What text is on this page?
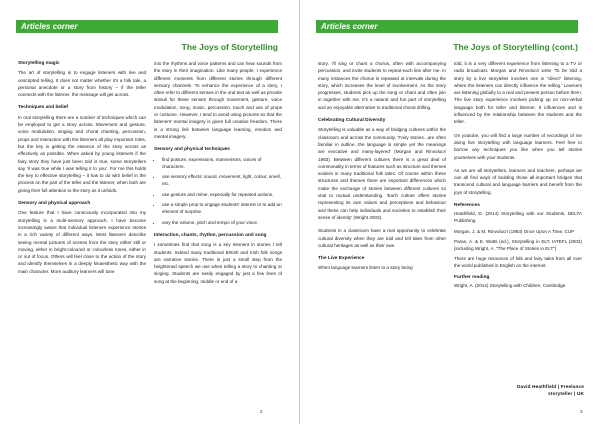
Articles corner
The Joys of Storytelling
Storytelling magic

The art of storytelling is to engage listeners with live and unscripted telling. It does not matter whether it's a folk tale, a personal anecdote or a story from history – if the teller connects with the listener, the message will get across.

Techniques and belief

In oral storytelling there are a number of techniques which can be employed to get a story across. Movement and gesture, voice modulation, singing and choral chanting, percussion, props and interaction with the listeners all play important roles, but the key is getting the essence of the story across as effectively as possible. When asked by young listeners if the fairy story they have just been told is true, some storytellers say 'it was true while I was telling it to you'. For me this holds the key to effective storytelling – it has to do with belief in the process on the part of the teller and the listener, when both are giving their full attention to the story as it unfolds.

Sensory and physical approach

One feature that I have consciously incorporated into my storytelling is a multi-sensory approach. I have become increasingly aware that individual listeners experience stories in a rich variety of different ways. Most listeners describe seeing mental pictures of scenes from the story either still or moving, either in bright-coloured or colourless tones, either in or out of focus. Others will feel close to the action of the story and identify themselves in a deeply kinaesthetic way with the main character. More auditory learners will tune

into the rhythms and voice patterns and can hear sounds from the story in their imagination. Like many people, I experience different moments from different stories through different sensory channels. To enhance the experience of a story, I often refer to different senses in the oral text as well as provide stimuli for these senses through movement, gesture, voice modulation, song, music, percussion, touch and use of props or costume. However, I tend to avoid using pictures so that the listeners' mental imagery is given full creative freedom. There is a strong link between language learning, emotion and mental imagery.

Sensory and physical techniques
• find posture, expressions, mannerisms, voices of characters.
• use sensory effects: sound, movement, light, colour, smell, etc.
• use gesture and mime, especially for repeated actions.
• use a simple prop to engage students' interest or to add an element of surprise.
• vary the volume, pitch and tempo of your voice.
Interaction, chants, rhythm, percussion and song

I sometimes find that song is a key element in stories I tell students. Indeed many traditional British and Irish folk songs are narrative stories. There is just a small step from the heightened speech we use when telling a story to chanting or singing. Students are easily engaged by just a few lines of song at the beginning, middle or end of a

2
Articles corner
The Joys of Storytelling (cont.)

story. I'll sing or chant a chorus, often with accompanying percussion, and invite students to repeat each line after me. In many instances the chorus is repeated at intervals during the story, which increases the level of involvement. As the story progresses, students pick up the song or chant and often join in together with me. It's a natural and fun part of storytelling and an enjoyable alternative to traditional choral drilling.

Celebrating Cultural Diversity

Storytelling is valuable as a way of bridging cultures within the classroom and across the community. 'Fairy stories...are often familiar in outline...the language is simple yet the meanings are evocative and many-layered' (Morgan and Rinvolucri 1983). Between different cultures there is a great deal of commonality in terms of features such as structure and themes evident in many traditional folk tales. Of course within these structures and themes there are important differences which make the exchange of stories between different cultures so vital to mutual understanding. 'Each culture offers stories representing its own values and perceptions and behaviour and these can help individuals and societies to establish their sense of identity' (Wright 2003).

Students in a classroom have a real opportunity to celebrate cultural diversity when they are told and tell tales from other cultural heritages as well as their own.

The Live Experience

When language learners listen to a story being

told, it is a very different experience from listening to a TV or radio broadcast. Morgan and Rinvolucri write 'To be told a story by a live storyteller involves one in "direct" listening, where the listeners can directly influence the telling.' Learners are listening globally to a real and present person before them. The live story experience involves picking up on non-verbal language both for teller and listener. It influences and is influenced by the relationship between the students and the teller.

On youtube, you will find a large number of recordings of me doing live storytelling with language learners. Feel free to borrow any techniques you like when you tell stories yourselves with your students.

As we are all storytellers, learners and teachers, perhaps we can all find ways of building those all-important bridges that transcend cultural and language barriers and benefit from the joys of storytelling.

References

Heathfield, D. (2014) Storytelling with our Students, DELTA Publishing.

Morgan, J. & M. Rinvolucri (1983) Once Upon A Time, CUP

Paran, A. & E. Watts (ed.), Storytelling in ELT, IATEFL (2003) (including Wright, A. "The Place of Stories in ELT")

There are huge resources of folk and fairy tales from all over the world published in English on the internet.

Further reading

Wright, A. (2014) Storytelling with Children, Cambridge.

David Heathfield | Freelance
storyteller | UK
3
